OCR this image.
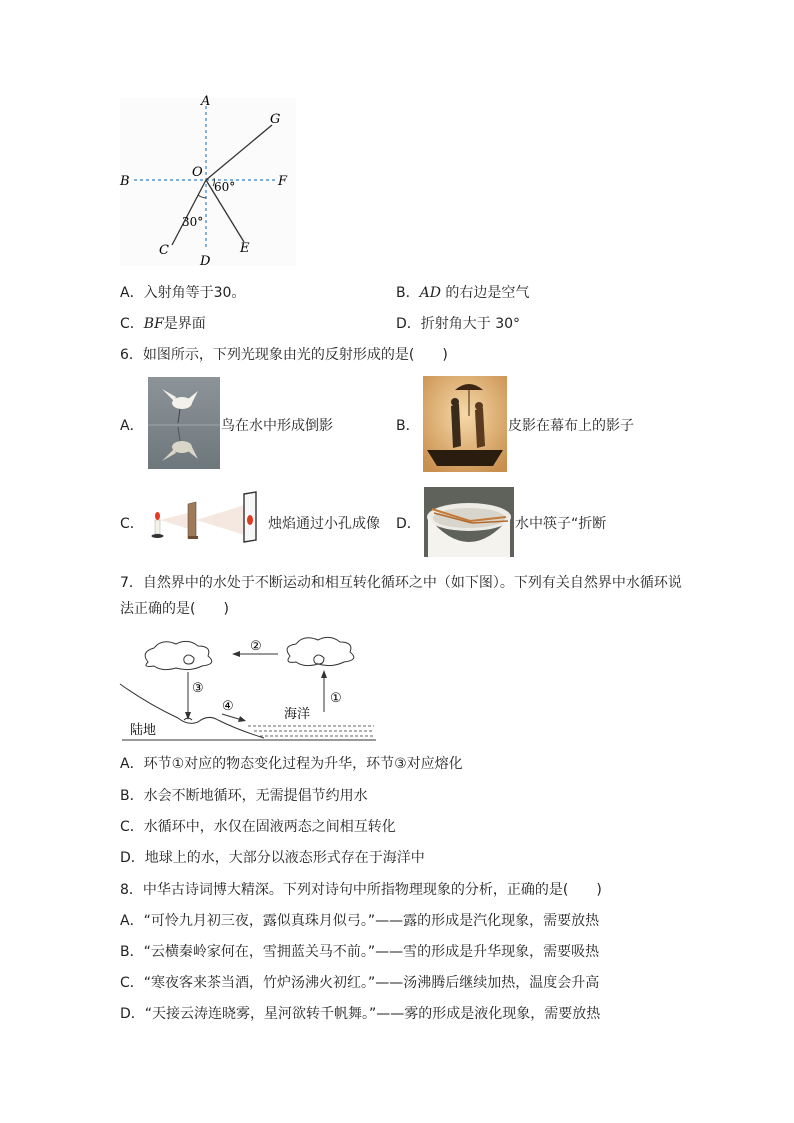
A
G
B	F
O
60°
30°
C	E
D
A．入射角等于30。	B．AD 的右边是空气
C．BF是界面	D．折射角大于 30°
6．如图所示，下列光现象由光的反射形成的是(　　)
A．	鸟在水中形成倒影	B．	皮影在幕布上的影子
C．	烛焰通过小孔成像 D．	水中筷子“折断
7．自然界中的水处于不断运动和相互转化循环之中（如下图）。下列有关自然界中水循环说
法正确的是(　　)
②
③
①
④
海洋
陆地
A．环节①对应的物态变化过程为升华，环节③对应熔化
B．水会不断地循环，无需提倡节约用水
C．水循环中，水仅在固液两态之间相互转化
D．地球上的水，大部分以液态形式存在于海洋中
8．中华古诗词博大精深。下列对诗句中所指物理现象的分析，正确的是(　　)
A．“可怜九月初三夜，露似真珠月似弓。”——露的形成是汽化现象，需要放热
B．“云横秦岭家何在，雪拥蓝关马不前。”——雪的形成是升华现象，需要吸热
C．“寒夜客来茶当酒，竹炉汤沸火初红。”——汤沸腾后继续加热，温度会升高
D．“天接云涛连晓雾，星河欲转千帆舞。”——雾的形成是液化现象，需要放热
